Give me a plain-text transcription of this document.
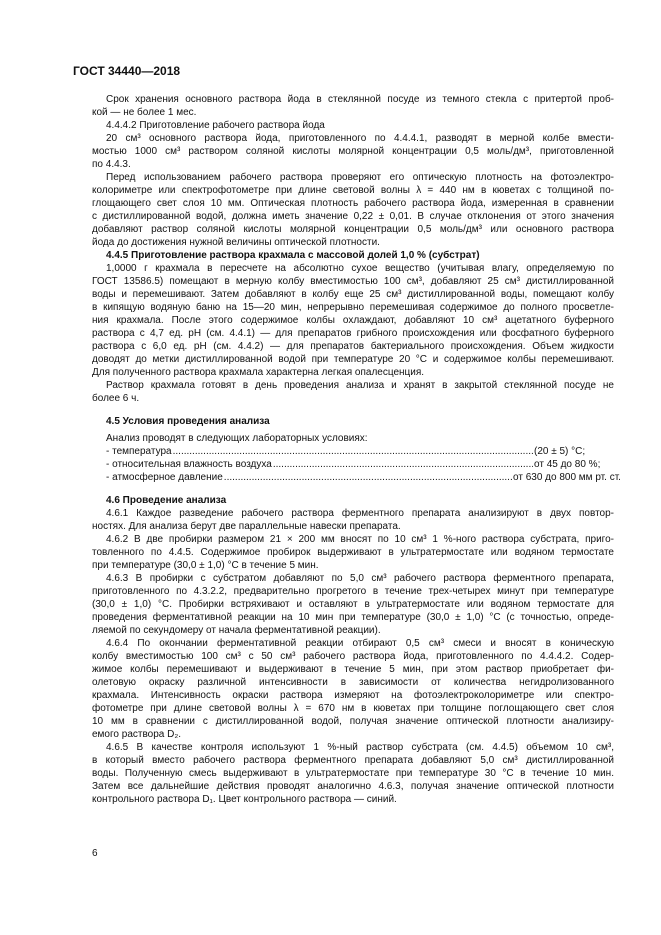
ГОСТ 34440—2018
Срок хранения основного раствора йода в стеклянной посуде из темного стекла с притертой проб-
кой — не более 1 мес.
4.4.4.2 Приготовление рабочего раствора йода
20 см³ основного раствора йода, приготовленного по 4.4.4.1, разводят в мерной колбе вмести-
мостью 1000 см³ раствором соляной кислоты молярной концентрации 0,5 моль/дм³, приготовленной
по 4.4.3.
Перед использованием рабочего раствора проверяют его оптическую плотность на фотоэлектро-
колориметре или спектрофотометре при длине световой волны λ = 440 нм в кюветах с толщиной по-
глощающего свет слоя 10 мм. Оптическая плотность рабочего раствора йода, измеренная в сравнении
с дистиллированной водой, должна иметь значение 0,22 ± 0,01. В случае отклонения от этого значения
добавляют раствор соляной кислоты молярной концентрации 0,5 моль/дм³ или основного раствора
йода до достижения нужной величины оптической плотности.
4.4.5 Приготовление раствора крахмала с массовой долей 1,0 % (субстрат)
1,0000 г крахмала в пересчете на абсолютно сухое вещество (учитывая влагу, определяемую по
ГОСТ 13586.5) помещают в мерную колбу вместимостью 100 см³, добавляют 25 см³ дистиллированной
воды и перемешивают. Затем добавляют в колбу еще 25 см³ дистиллированной воды, помещают колбу
в кипящую водяную баню на 15—20 мин, непрерывно перемешивая содержимое до полного просветле-
ния крахмала. После этого содержимое колбы охлаждают, добавляют 10 см³ ацетатного буферного
раствора с 4,7 ед. рН (см. 4.4.1) — для препаратов грибного происхождения или фосфатного буферного
раствора с 6,0 ед. рН (см. 4.4.2) — для препаратов бактериального происхождения. Объем жидкости
доводят до метки дистиллированной водой при температуре 20 °С и содержимое колбы перемешивают.
Для полученного раствора крахмала характерна легкая опалесценция.
Раствор крахмала готовят в день проведения анализа и хранят в закрытой стеклянной посуде не
более 6 ч.
4.5 Условия проведения анализа
Анализ проводят в следующих лабораторных условиях:
- температура .....	(20 ± 5) °С;
- относительная влажность воздуха .....	от 45 до 80 %;
- атмосферное давление .....	от 630 до 800 мм рт. ст.
4.6 Проведение анализа
4.6.1 Каждое разведение рабочего раствора ферментного препарата анализируют в двух повтор-
ностях. Для анализа берут две параллельные навески препарата.
4.6.2 В две пробирки размером 21 × 200 мм вносят по 10 см³ 1 %-ного раствора субстрата, приго-
товленного по 4.4.5. Содержимое пробирок выдерживают в ультратермостате или водяном термостате
при температуре (30,0 ± 1,0) °С в течение 5 мин.
4.6.3 В пробирки с субстратом добавляют по 5,0 см³ рабочего раствора ферментного препарата,
приготовленного по 4.3.2.2, предварительно прогретого в течение трех-четырех минут при температуре
(30,0 ± 1,0) °С. Пробирки встряхивают и оставляют в ультратермостате или водяном термостате для
проведения ферментативной реакции на 10 мин при температуре (30,0 ± 1,0) °С (с точностью, опреде-
ляемой по секундомеру от начала ферментативной реакции).
4.6.4 По окончании ферментативной реакции отбирают 0,5 см³ смеси и вносят в коническую
колбу вместимостью 100 см³ с 50 см³ рабочего раствора йода, приготовленного по 4.4.4.2. Содер-
жимое колбы перемешивают и выдерживают в течение 5 мин, при этом раствор приобретает фи-
олетовую окраску различной интенсивности в зависимости от количества негидролизованного
крахмала. Интенсивность окраски раствора измеряют на фотоэлектроколориметре или спектро-
фотометре при длине световой волны λ = 670 нм в кюветах при толщине поглощающего свет слоя
10 мм в сравнении с дистиллированной водой, получая значение оптической плотности анализиру-
емого раствора D₂.
4.6.5 В качестве контроля используют 1 %-ный раствор субстрата (см. 4.4.5) объемом 10 см³,
в который вместо рабочего раствора ферментного препарата добавляют 5,0 см³ дистиллированной
воды. Полученную смесь выдерживают в ультратермостате при температуре 30 °С в течение 10 мин.
Затем все дальнейшие действия проводят аналогично 4.6.3, получая значение оптической плотности
контрольного раствора D₁. Цвет контрольного раствора — синий.
6
